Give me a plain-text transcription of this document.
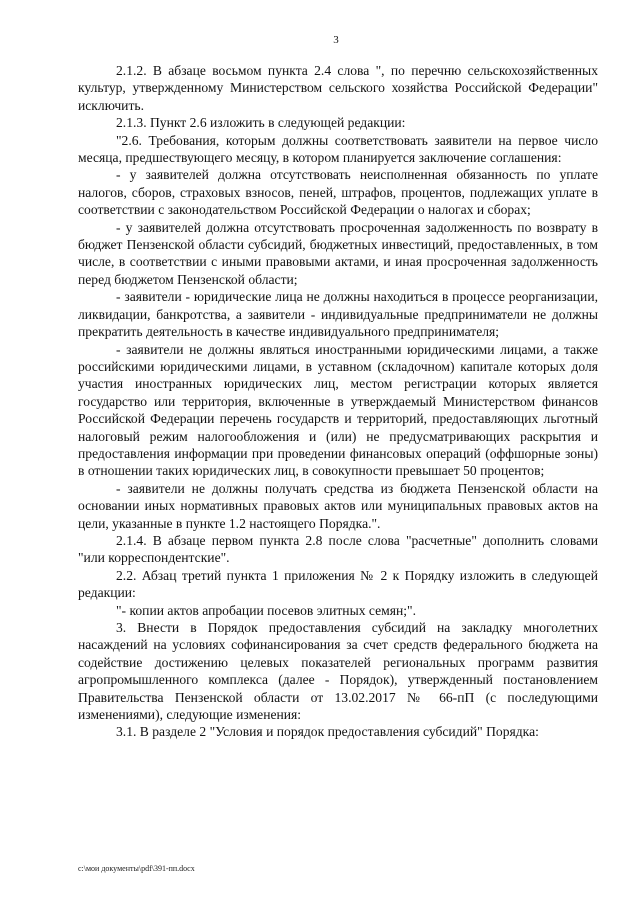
3

2.1.2. В абзаце восьмом пункта 2.4 слова ", по перечню сельскохозяйственных культур, утвержденному Министерством сельского хозяйства Российской Федерации" исключить.

2.1.3. Пункт 2.6 изложить в следующей редакции:

"2.6. Требования, которым должны соответствовать заявители на первое число месяца, предшествующего месяцу, в котором планируется заключение соглашения:

- у заявителей должна отсутствовать неисполненная обязанность по уплате налогов, сборов, страховых взносов, пеней, штрафов, процентов, подлежащих уплате в соответствии с законодательством Российской Федерации о налогах и сборах;

- у заявителей должна отсутствовать просроченная задолженность по возврату в бюджет Пензенской области субсидий, бюджетных инвестиций, предоставленных, в том числе, в соответствии с иными правовыми актами, и иная просроченная задолженность перед бюджетом Пензенской области;

- заявители - юридические лица не должны находиться в процессе реорганизации, ликвидации, банкротства, а заявители - индивидуальные предприниматели не должны прекратить деятельность в качестве индивидуального предпринимателя;

- заявители не должны являться иностранными юридическими лицами, а также российскими юридическими лицами, в уставном (складочном) капитале которых доля участия иностранных юридических лиц, местом регистрации которых является государство или территория, включенные в утверждаемый Министерством финансов Российской Федерации перечень государств и территорий, предоставляющих льготный налоговый режим налогообложения и (или) не предусматривающих раскрытия и предоставления информации при проведении финансовых операций (оффшорные зоны) в отношении таких юридических лиц, в совокупности превышает 50 процентов;

- заявители не должны получать средства из бюджета Пензенской области на основании иных нормативных правовых актов или муниципальных правовых актов на цели, указанные в пункте 1.2 настоящего Порядка.".

2.1.4. В абзаце первом пункта 2.8 после слова "расчетные" дополнить словами "или корреспондентские".

2.2. Абзац третий пункта 1 приложения № 2 к Порядку изложить в следующей редакции:

"- копии актов апробации посевов элитных семян;".

3. Внести в Порядок предоставления субсидий на закладку многолетних насаждений на условиях софинансирования за счет средств федерального бюджета на содействие достижению целевых показателей региональных программ развития агропромышленного комплекса (далее - Порядок), утвержденный постановлением Правительства Пензенской области от 13.02.2017 № 66-пП (с последующими изменениями), следующие изменения:

3.1. В разделе 2 "Условия и порядок предоставления субсидий" Порядка:

c:\мои документы\pdf\391-пп.docx
